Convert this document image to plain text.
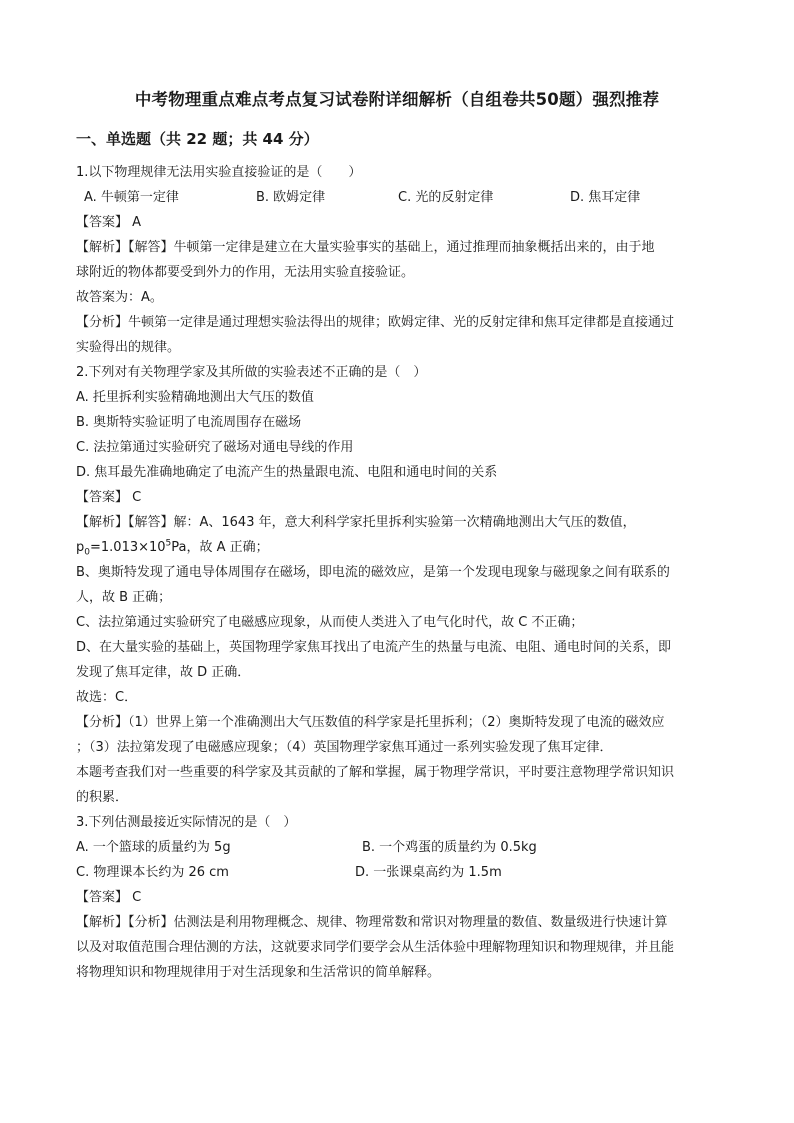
中考物理重点难点考点复习试卷附详细解析（自组卷共50题）强烈推荐
一、单选题（共 22 题；共 44 分）
1.以下物理规律无法用实验直接验证的是（　　）
A. 牛顿第一定律	B. 欧姆定律	C. 光的反射定律	D. 焦耳定律
【答案】 A
【解析】【解答】牛顿第一定律是建立在大量实验事实的基础上，通过推理而抽象概括出来的，由于地
球附近的物体都要受到外力的作用，无法用实验直接验证。
故答案为：A。
【分析】牛顿第一定律是通过理想实验法得出的规律；欧姆定律、光的反射定律和焦耳定律都是直接通过
实验得出的规律。
2.下列对有关物理学家及其所做的实验表述不正确的是（　）
A. 托里拆利实验精确地测出大气压的数值
B. 奥斯特实验证明了电流周围存在磁场
C. 法拉第通过实验研究了磁场对通电导线的作用
D. 焦耳最先准确地确定了电流产生的热量跟电流、电阻和通电时间的关系
【答案】 C
【解析】【解答】解：A、1643 年，意大利科学家托里拆利实验第一次精确地测出大气压的数值，
$p_0=1.013\times 10^5Pa$，故 A 正确；
B、奥斯特发现了通电导体周围存在磁场，即电流的磁效应，是第一个发现电现象与磁现象之间有联系的
人，故 B 正确；
C、法拉第通过实验研究了电磁感应现象，从而使人类进入了电气化时代，故 C 不正确；
D、在大量实验的基础上，英国物理学家焦耳找出了电流产生的热量与电流、电阻、通电时间的关系，即
发现了焦耳定律，故 D 正确．
故选：C．
【分析】（1）世界上第一个准确测出大气压数值的科学家是托里拆利；（2）奥斯特发现了电流的磁效应
；（3）法拉第发现了电磁感应现象；（4）英国物理学家焦耳通过一系列实验发现了焦耳定律．
本题考查我们对一些重要的科学家及其贡献的了解和掌握，属于物理学常识，平时要注意物理学常识知识
的积累．
3.下列估测最接近实际情况的是（　）
A. 一个篮球的质量约为 5g	B. 一个鸡蛋的质量约为 0.5kg
C. 物理课本长约为 26 cm	D. 一张课桌高约为 1.5m
【答案】 C
【解析】【分析】估测法是利用物理概念、规律、物理常数和常识对物理量的数值、数量级进行快速计算
以及对取值范围合理估测的方法，这就要求同学们要学会从生活体验中理解物理知识和物理规律，并且能
将物理知识和物理规律用于对生活现象和生活常识的简单解释。
